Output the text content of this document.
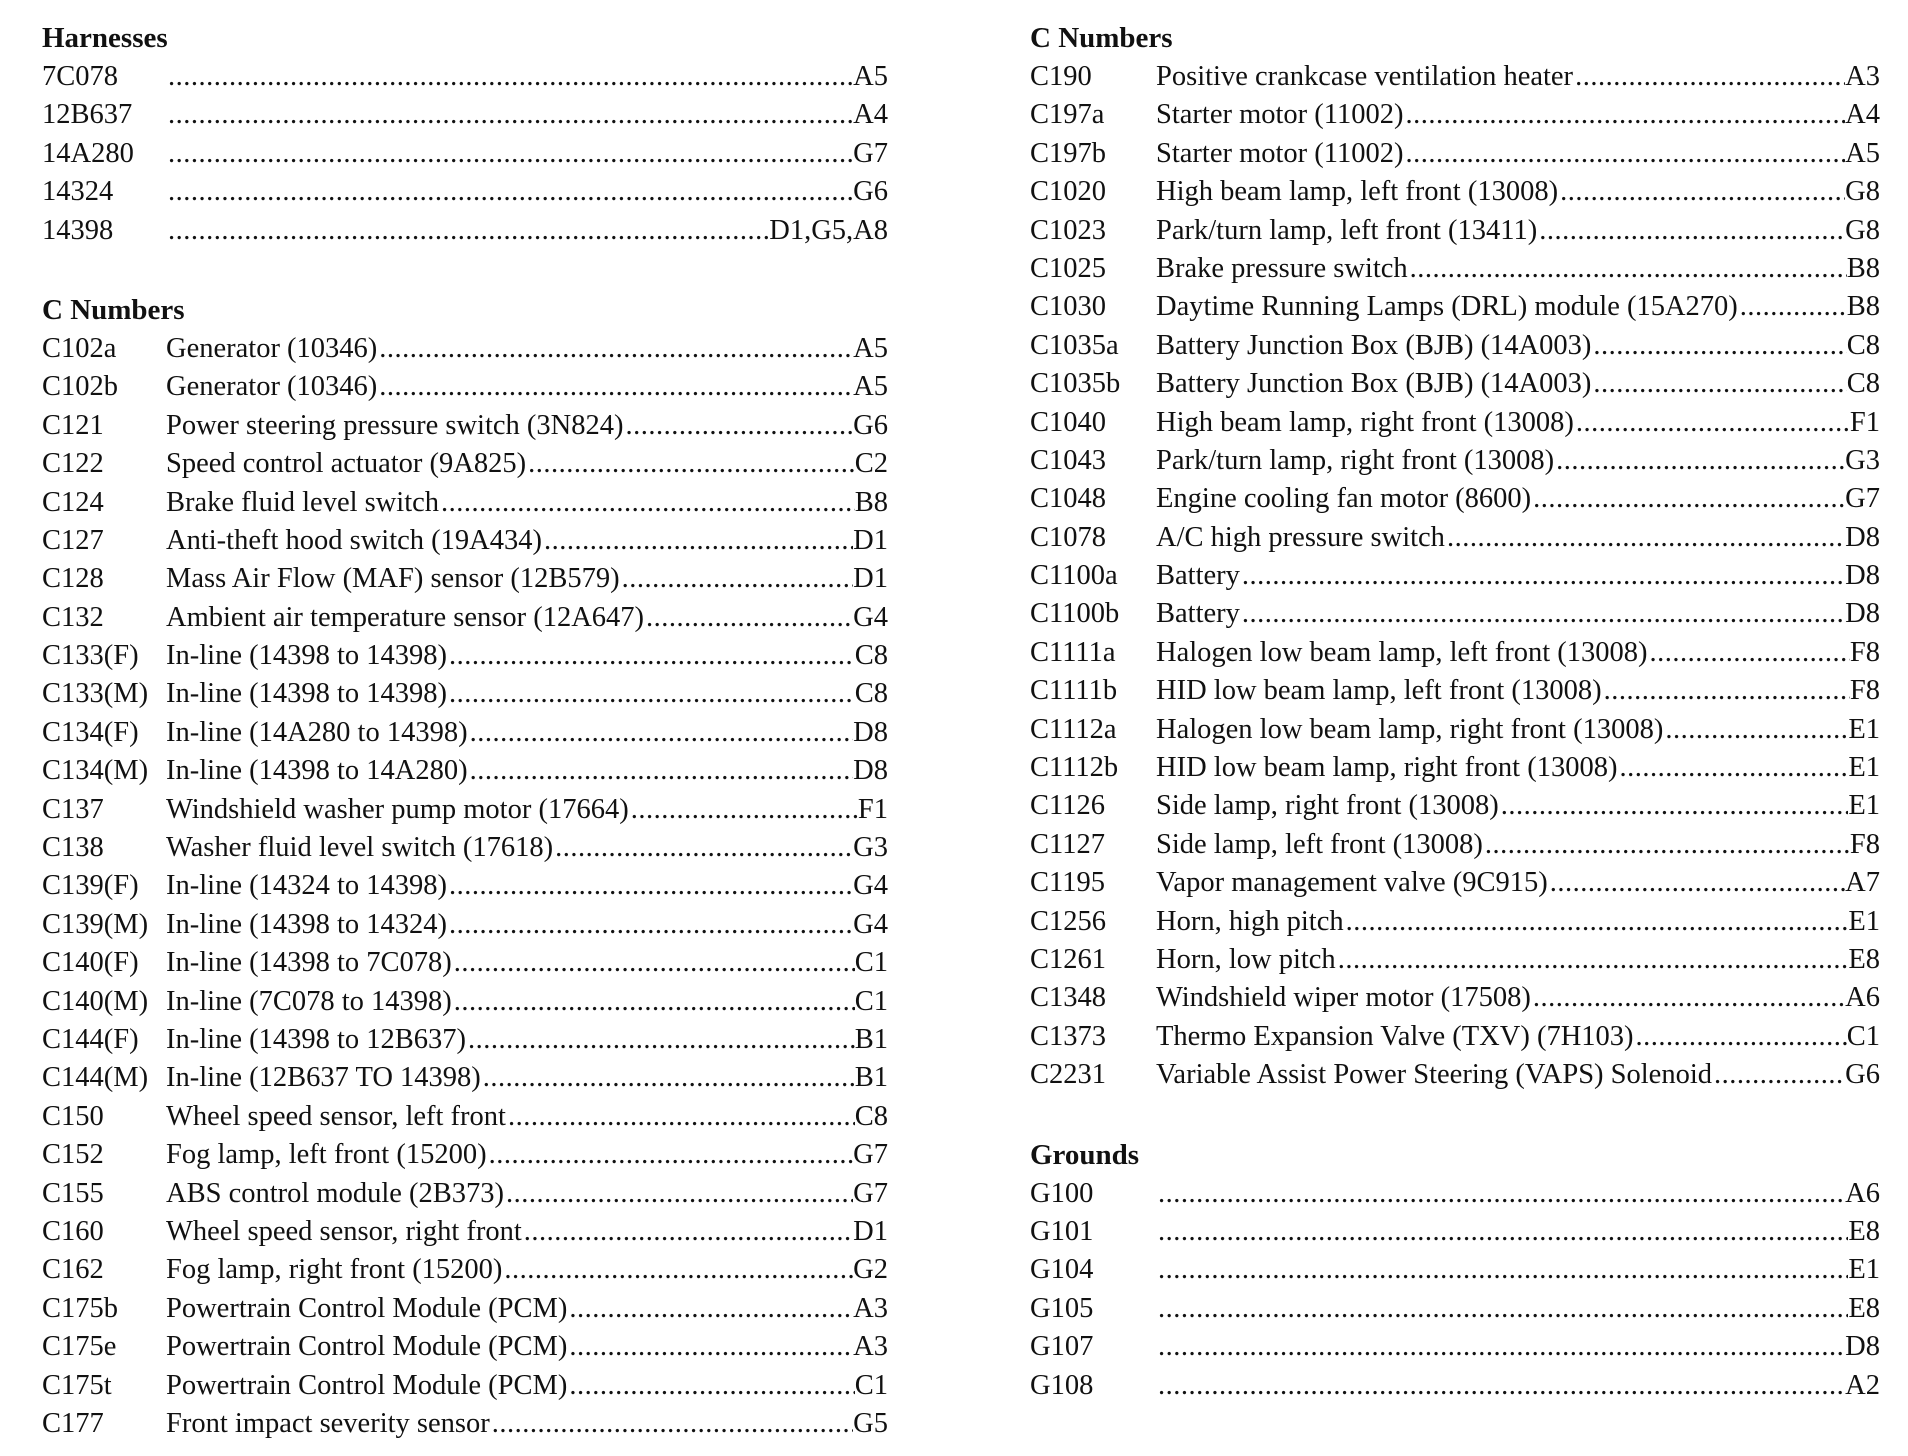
Harnesses
7C078 .....	A5
12B637 .....	A4
14A280 .....	G7
14324 .....	G6
14398 .....	D1,G5,A8
C Numbers
C102a	Generator (10346) .....	A5
C102b	Generator (10346) .....	A5
C121	Power steering pressure switch (3N824) .....	G6
C122	Speed control actuator (9A825) .....	C2
C124	Brake fluid level switch .....	B8
C127	Anti-theft hood switch (19A434) .....	D1
C128	Mass Air Flow (MAF) sensor (12B579) .....	D1
C132	Ambient air temperature sensor (12A647) .....	G4
C133(F) In-line (14398 to 14398) .....	C8
C133(M) In-line (14398 to 14398) .....	C8
C134(F) In-line (14A280 to 14398) .....	D8
C134(M) In-line (14398 to 14A280) .....	D8
C137	Windshield washer pump motor (17664) .....	F1
C138	Washer fluid level switch (17618) .....	G3
C139(F) In-line (14324 to 14398) .....	G4
C139(M) In-line (14398 to 14324) .....	G4
C140(F) In-line (14398 to 7C078) .....	C1
C140(M) In-line (7C078 to 14398) .....	C1
C144(F) In-line (14398 to 12B637) .....	B1
C144(M) In-line (12B637 TO 14398) .....	B1
C150	Wheel speed sensor, left front .....	C8
C152	Fog lamp, left front (15200) .....	G7
C155	ABS control module (2B373) .....	G7
C160	Wheel speed sensor, right front .....	D1
C162	Fog lamp, right front (15200) .....	G2
C175b	Powertrain Control Module (PCM) .....	A3
C175e	Powertrain Control Module (PCM) .....	A3
C175t	Powertrain Control Module (PCM) .....	C1
C177	Front impact severity sensor .....	G5
C Numbers
C190	Positive crankcase ventilation heater .....	A3
C197a	Starter motor (11002) .....	A4
C197b	Starter motor (11002) .....	A5
C1020	High beam lamp, left front (13008) .....	G8
C1023	Park/turn lamp, left front (13411) .....	G8
C1025	Brake pressure switch .....	B8
C1030	Daytime Running Lamps (DRL) module (15A270) .....	B8
C1035a	Battery Junction Box (BJB) (14A003) .....	C8
C1035b	Battery Junction Box (BJB) (14A003) .....	C8
C1040	High beam lamp, right front (13008) .....	F1
C1043	Park/turn lamp, right front (13008) .....	G3
C1048	Engine cooling fan motor (8600) .....	G7
C1078	A/C high pressure switch .....	D8
C1100a	Battery .....	D8
C1100b	Battery .....	D8
C1111a	Halogen low beam lamp, left front (13008) .....	F8
C1111b	HID low beam lamp, left front (13008) .....	F8
C1112a	Halogen low beam lamp, right front (13008) .....	E1
C1112b	HID low beam lamp, right front (13008) .....	E1
C1126	Side lamp, right front (13008) .....	E1
C1127	Side lamp, left front (13008) .....	F8
C1195	Vapor management valve (9C915) .....	A7
C1256	Horn, high pitch .....	E1
C1261	Horn, low pitch .....	E8
C1348	Windshield wiper motor (17508) .....	A6
C1373	Thermo Expansion Valve (TXV) (7H103) .....	C1
C2231	Variable Assist Power Steering (VAPS) Solenoid .....	G6
Grounds
G100 .....	A6
G101 .....	E8
G104 .....	E1
G105 .....	E8
G107 .....	D8
G108 .....	A2
